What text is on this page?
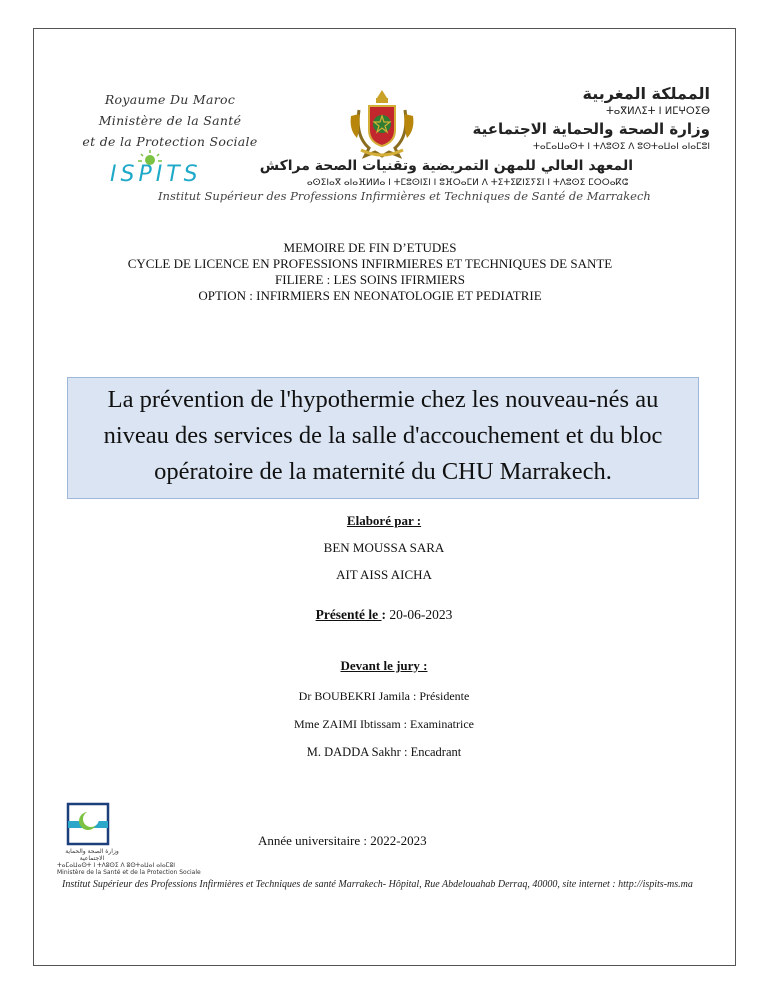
Royaume Du Maroc
Ministère de la Santé
et de la Protection Sociale
المملكة المغربية
ⵜⴰⴳⵍⴷⵉⵜ ⵏ ⵍⵎⵖⵔⵉⴱ
وزارة الصحة والحماية الاجتماعية
ⵜⴰⵎⴰⵡⴰⵙⵜ ⵏ ⵜⴷⵓⵙⵉ ⴷ ⵓⵙⵜⴰⵡⴰⵏ ⴰⵏⴰⵎⵓⵏ
المعهد العالي للمهن التمريضية وتقنيات الصحة مراكش
ⴰⵙⵉⵏⴰⴳ ⴰⵏⴰⴼⵍⵍⴰ ⵏ ⵜⵎⵓⵙⵏⵉⵏ ⵏ ⵓⴼⵔⴰⵎⵍ ⴷ ⵜⵉⵜⵉⵇⵏⵉⵢⵉⵏ ⵏ ⵜⴷⵓⵙⵉ ⵎⵔⵔⴰⴽⵛ
ISPITS
Institut Supérieur des Professions Infirmières et Techniques de Santé de Marrakech
MEMOIRE DE FIN D’ETUDES
CYCLE DE LICENCE EN PROFESSIONS INFIRMIERES ET TECHNIQUES DE SANTE
FILIERE : LES SOINS IFIRMIERS
OPTION : INFIRMIERS EN NEONATOLOGIE ET PEDIATRIE
La prévention de l'hypothermie chez les nouveau-nés au
niveau des services de la salle d'accouchement et du bloc
opératoire de la maternité du CHU Marrakech.
Elaboré par :
BEN MOUSSA SARA
AIT AISS AICHA
Présenté le : 20-06-2023
Devant le jury :
Dr BOUBEKRI Jamila : Présidente
Mme ZAIMI Ibtissam : Examinatrice
M. DADDA Sakhr : Encadrant
وزارة الصحة والحماية الاجتماعية
ⵜⴰⵎⴰⵡⴰⵙⵜ ⵏ ⵜⴷⵓⵙⵉ ⴷ ⵓⵙⵜⴰⵡⴰⵏ ⴰⵏⴰⵎⵓⵏ
Ministère de la Santé et de la Protection Sociale
Année universitaire : 2022-2023
Institut Supérieur des Professions Infirmières et Techniques de santé Marrakech- Hôpital, Rue Abdelouahab Derraq, 40000, site internet : http://ispits-ms.ma
